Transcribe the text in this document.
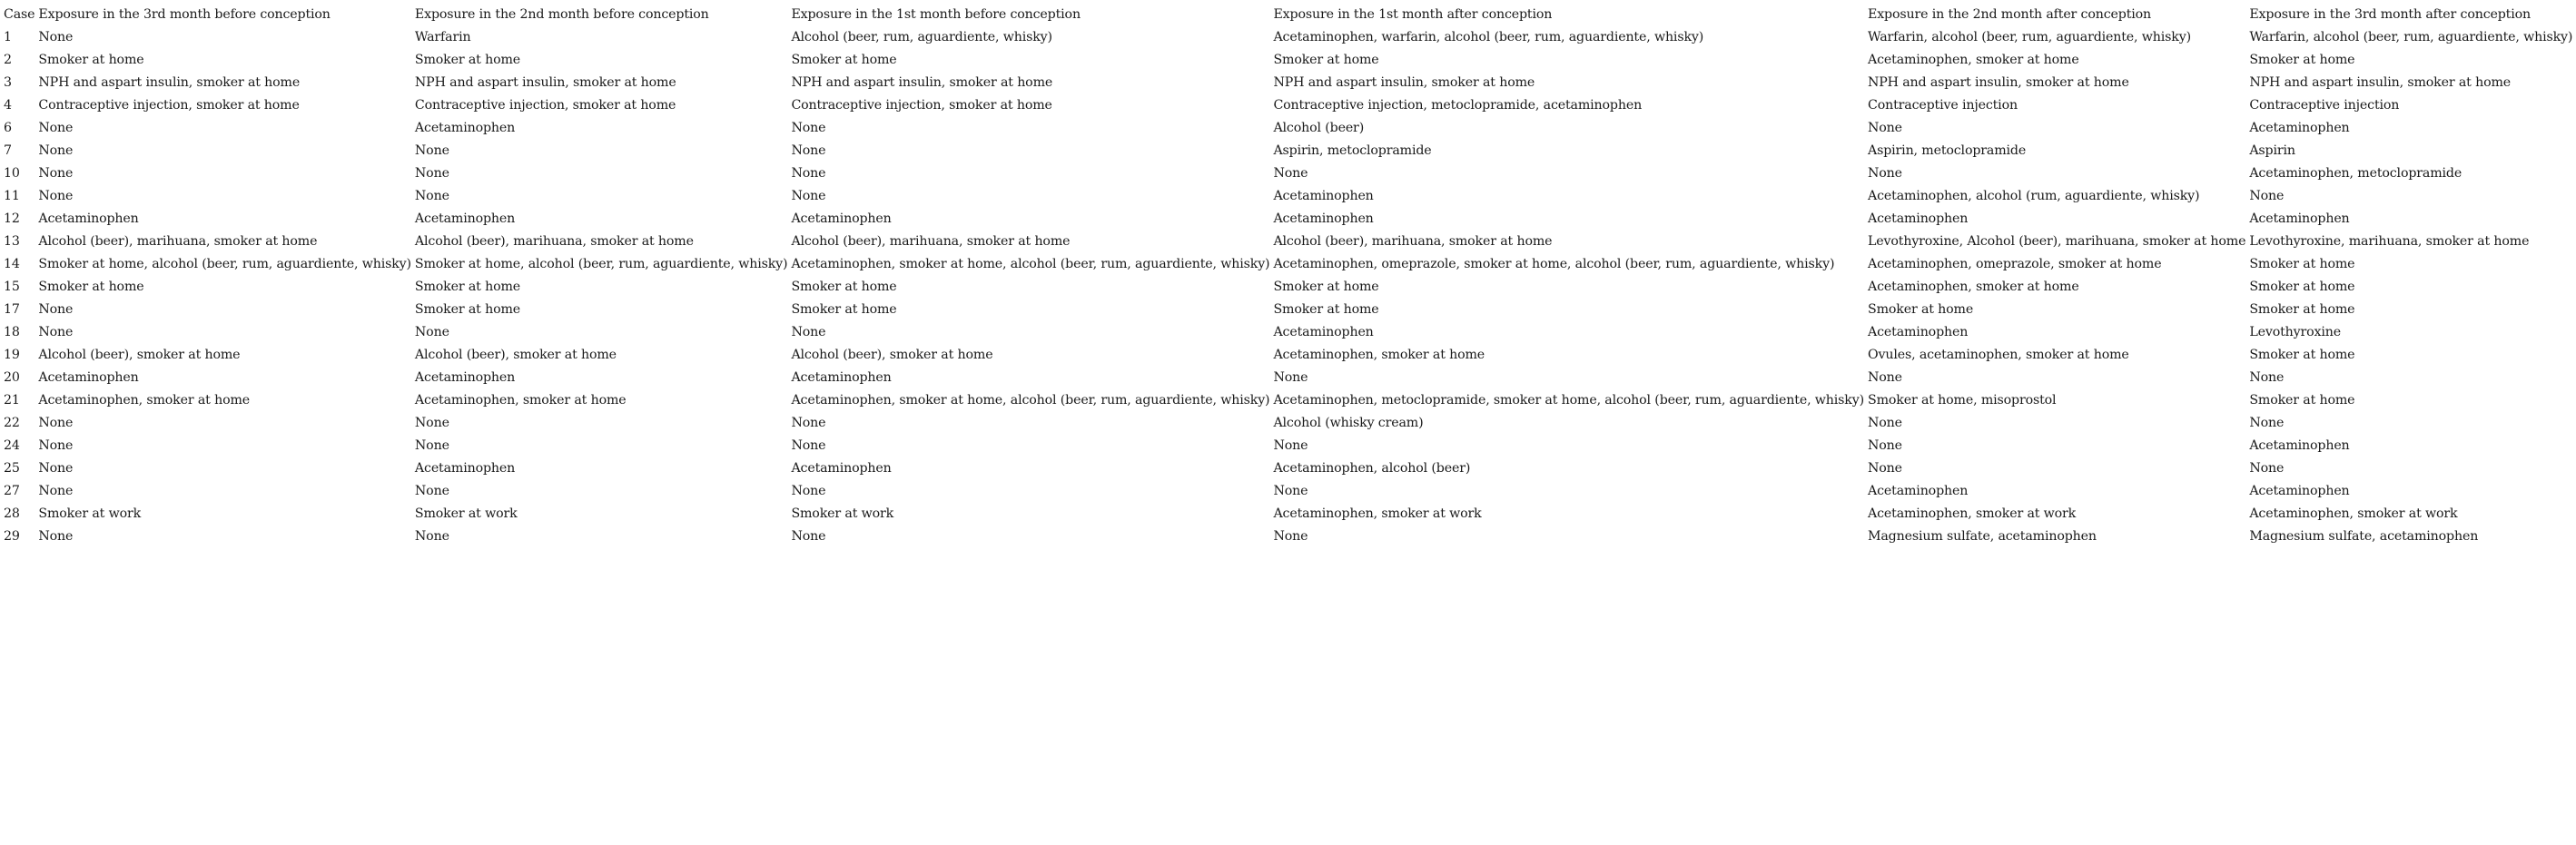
Case	Exposure in the 3rd month before conception	Exposure in the 2nd month before conception	Exposure in the 1st month before conception	Exposure in the 1st month after conception	Exposure in the 2nd month after conception	Exposure in the 3rd month after conception
1	None	Warfarin	Alcohol (beer, rum, aguardiente, whisky)	Acetaminophen, warfarin, alcohol (beer, rum, aguardiente, whisky)	Warfarin, alcohol (beer, rum, aguardiente, whisky)	Warfarin, alcohol (beer, rum, aguardiente, whisky)
2	Smoker at home	Smoker at home	Smoker at home	Smoker at home	Acetaminophen, smoker at home	Smoker at home
3	NPH and aspart insulin, smoker at home	NPH and aspart insulin, smoker at home	NPH and aspart insulin, smoker at home	NPH and aspart insulin, smoker at home	NPH and aspart insulin, smoker at home	NPH and aspart insulin, smoker at home
4	Contraceptive injection, smoker at home	Contraceptive injection, smoker at home	Contraceptive injection, smoker at home	Contraceptive injection, metoclopramide, acetaminophen	Contraceptive injection	Contraceptive injection
6	None	Acetaminophen	None	Alcohol (beer)	None	Acetaminophen
7	None	None	None	Aspirin, metoclopramide	Aspirin, metoclopramide	Aspirin
10	None	None	None	None	None	Acetaminophen, metoclopramide
11	None	None	None	Acetaminophen	Acetaminophen, alcohol (rum, aguardiente, whisky)	None
12	Acetaminophen	Acetaminophen	Acetaminophen	Acetaminophen	Acetaminophen	Acetaminophen
13	Alcohol (beer), marihuana, smoker at home	Alcohol (beer), marihuana, smoker at home	Alcohol (beer), marihuana, smoker at home	Alcohol (beer), marihuana, smoker at home	Levothyroxine, Alcohol (beer), marihuana, smoker at home	Levothyroxine, marihuana, smoker at home
14	Smoker at home, alcohol (beer, rum, aguardiente, whisky)	Smoker at home, alcohol (beer, rum, aguardiente, whisky)	Acetaminophen, smoker at home, alcohol (beer, rum, aguardiente, whisky)	Acetaminophen, omeprazole, smoker at home, alcohol (beer, rum, aguardiente, whisky)	Acetaminophen, omeprazole, smoker at home	Smoker at home
15	Smoker at home	Smoker at home	Smoker at home	Smoker at home	Acetaminophen, smoker at home	Smoker at home
17	None	Smoker at home	Smoker at home	Smoker at home	Smoker at home	Smoker at home
18	None	None	None	Acetaminophen	Acetaminophen	Levothyroxine
19	Alcohol (beer), smoker at home	Alcohol (beer), smoker at home	Alcohol (beer), smoker at home	Acetaminophen, smoker at home	Ovules, acetaminophen, smoker at home	Smoker at home
20	Acetaminophen	Acetaminophen	Acetaminophen	None	None	None
21	Acetaminophen, smoker at home	Acetaminophen, smoker at home	Acetaminophen, smoker at home, alcohol (beer, rum, aguardiente, whisky)	Acetaminophen, metoclopramide, smoker at home, alcohol (beer, rum, aguardiente, whisky)	Smoker at home, misoprostol	Smoker at home
22	None	None	None	Alcohol (whisky cream)	None	None
24	None	None	None	None	None	Acetaminophen
25	None	Acetaminophen	Acetaminophen	Acetaminophen, alcohol (beer)	None	None
27	None	None	None	None	Acetaminophen	Acetaminophen
28	Smoker at work	Smoker at work	Smoker at work	Acetaminophen, smoker at work	Acetaminophen, smoker at work	Acetaminophen, smoker at work
29	None	None	None	None	Magnesium sulfate, acetaminophen	Magnesium sulfate, acetaminophen
